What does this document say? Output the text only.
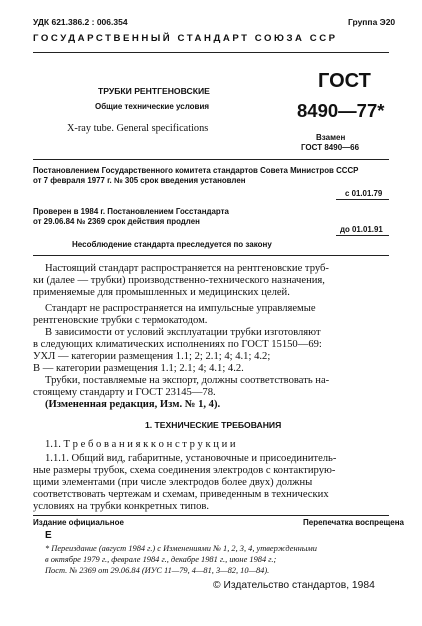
УДК 621.386.2 : 006.354	Группа Э20
ГОСУДАРСТВЕННЫЙ СТАНДАРТ СОЮЗА ССР
ТРУБКИ РЕНТГЕНОВСКИЕ
Общие технические условия
X-ray tube. General specifications
ГОСТ
8490—77*
Взамен
ГОСТ 8490—66
Постановлением Государственного комитета стандартов Совета Министров СССР
от 7 февраля 1977 г. № 305 срок введения установлен
с 01.01.79
Проверен в 1984 г. Постановлением Госстандарта
от 29.06.84 № 2369 срок действия продлен
до 01.01.91
Несоблюдение стандарта преследуется по закону
Настоящий стандарт распространяется на рентгеновские труб-
ки (далее — трубки) производственно-технического назначения,
применяемые для промышленных и медицинских целей.
Стандарт не распространяется на импульсные управляемые
рентгеновские трубки с термокатодом.
В зависимости от условий эксплуатации трубки изготовляют
в следующих климатических исполнениях по ГОСТ 15150—69:
УХЛ — категории размещения 1.1; 2; 2.1; 4; 4.1; 4.2;
В — категории размещения 1.1; 2.1; 4; 4.1; 4.2.
Трубки, поставляемые на экспорт, должны соответствовать на-
стоящему стандарту и ГОСТ 23145—78.
(Измененная редакция, Изм. № 1, 4).
1. ТЕХНИЧЕСКИЕ ТРЕБОВАНИЯ
1.1. Т р е б о в а н и я к к о н с т р у к ц и и
1.1.1. Общий вид, габаритные, установочные и присоединитель-
ные размеры трубок, схема соединения электродов с контактирую-
щими элементами (при числе электродов более двух) должны
соответствовать чертежам и схемам, приведенным в технических
условиях на трубки конкретных типов.
Издание официальное	Перепечатка воспрещена
Е
* Переиздание (август 1984 г.) с Изменениями № 1, 2, 3, 4, утвержденными
в октябре 1979 г., феврале 1984 г., декабре 1981 г., июне 1984 г.;
Пост. № 2369 от 29.06.84 (ИУС 11—79, 4—81, 3—82, 10—84).
© Издательство стандартов, 1984
